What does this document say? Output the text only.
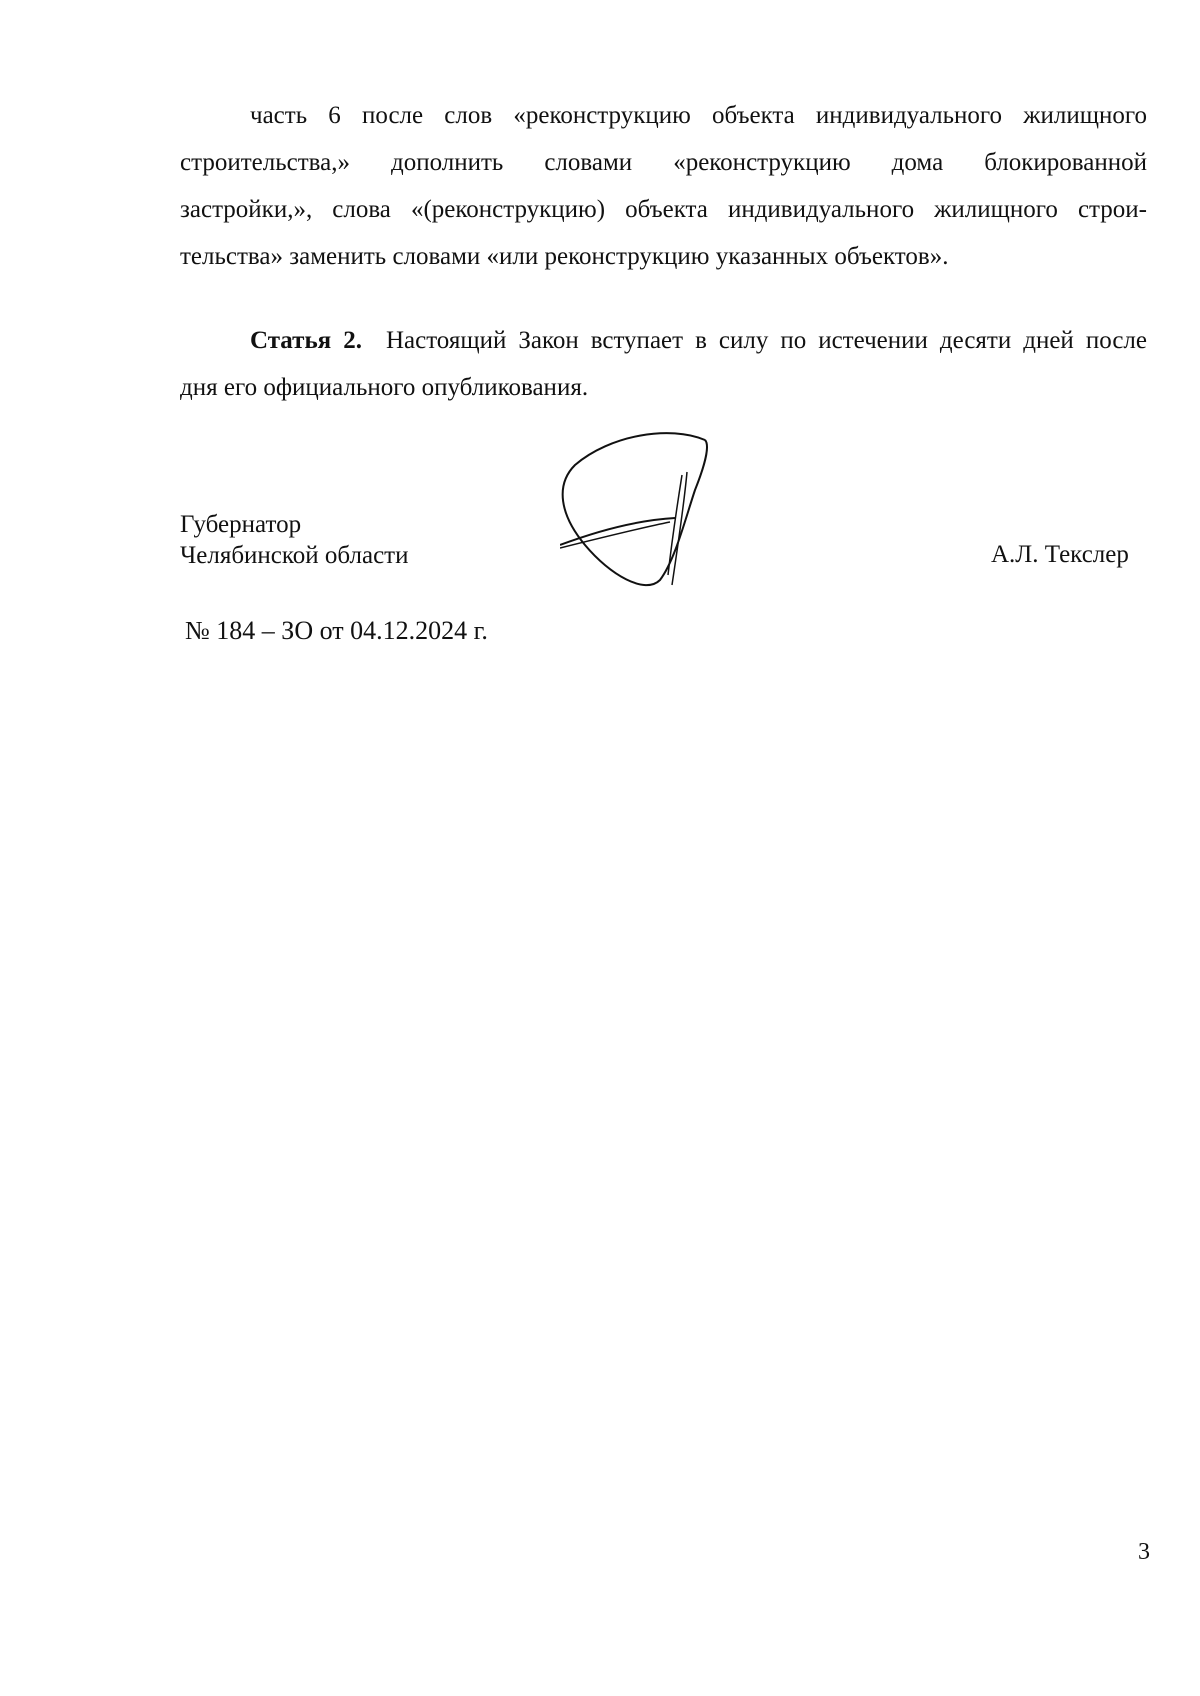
часть 6 после слов «реконструкцию объекта индивидуального жилищного
строительства,» дополнить словами «реконструкцию дома блокированной
застройки,», слова «(реконструкцию) объекта индивидуального жилищного строи-
тельства» заменить словами «или реконструкцию указанных объектов».
Статья 2. Настоящий Закон вступает в силу по истечении десяти дней после
дня его официального опубликования.
Губернатор
Челябинской области	А.Л. Текслер
№ 184 – ЗО от 04.12.2024 г.
3
